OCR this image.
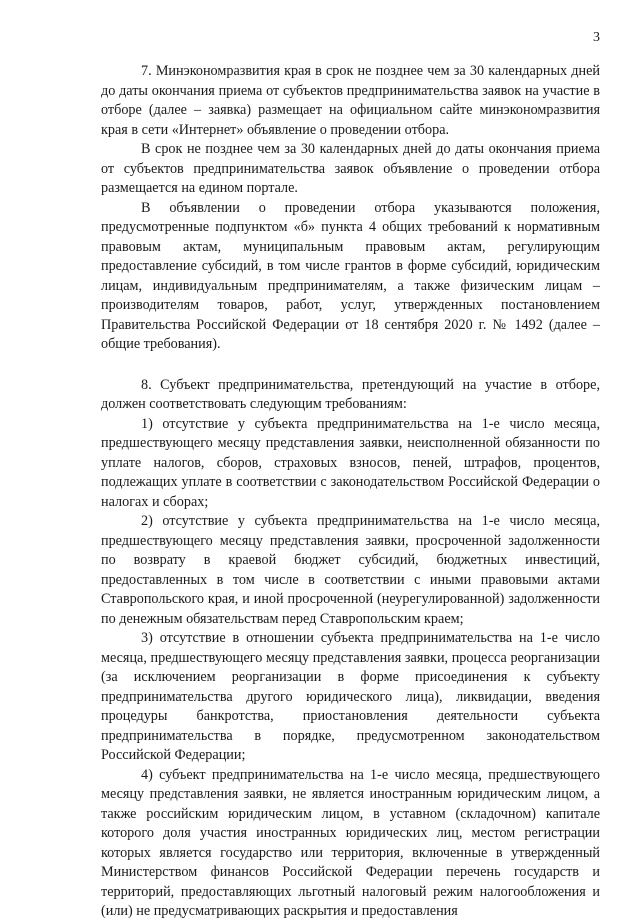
3

7. Минэкономразвития края в срок не позднее чем за 30 календарных дней до даты окончания приема от субъектов предпринимательства заявок на участие в отборе (далее – заявка) размещает на официальном сайте минэкономразвития края в сети «Интернет» объявление о проведении отбора.

В срок не позднее чем за 30 календарных дней до даты окончания приема от субъектов предпринимательства заявок объявление о проведении отбора размещается на едином портале.

В объявлении о проведении отбора указываются положения, предусмотренные подпунктом «б» пункта 4 общих требований к нормативным правовым актам, муниципальным правовым актам, регулирующим предоставление субсидий, в том числе грантов в форме субсидий, юридическим лицам, индивидуальным предпринимателям, а также физическим лицам – производителям товаров, работ, услуг, утвержденных постановлением Правительства Российской Федерации от 18 сентября 2020 г. № 1492 (далее – общие требования).

8. Субъект предпринимательства, претендующий на участие в отборе, должен соответствовать следующим требованиям:

1) отсутствие у субъекта предпринимательства на 1-е число месяца, предшествующего месяцу представления заявки, неисполненной обязанности по уплате налогов, сборов, страховых взносов, пеней, штрафов, процентов, подлежащих уплате в соответствии с законодательством Российской Федерации о налогах и сборах;

2) отсутствие у субъекта предпринимательства на 1-е число месяца, предшествующего месяцу представления заявки, просроченной задолженности по возврату в краевой бюджет субсидий, бюджетных инвестиций, предоставленных в том числе в соответствии с иными правовыми актами Ставропольского края, и иной просроченной (неурегулированной) задолженности по денежным обязательствам перед Ставропольским краем;

3) отсутствие в отношении субъекта предпринимательства на 1-е число месяца, предшествующего месяцу представления заявки, процесса реорганизации (за исключением реорганизации в форме присоединения к субъекту предпринимательства другого юридического лица), ликвидации, введения процедуры банкротства, приостановления деятельности субъекта предпринимательства в порядке, предусмотренном законодательством Российской Федерации;

4) субъект предпринимательства на 1-е число месяца, предшествующего месяцу представления заявки, не является иностранным юридическим лицом, а также российским юридическим лицом, в уставном (складочном) капитале которого доля участия иностранных юридических лиц, местом регистрации которых является государство или территория, включенные в утвержденный Министерством финансов Российской Федерации перечень государств и территорий, предоставляющих льготный налоговый режим налогообложения и (или) не предусматривающих раскрытия и предоставления
